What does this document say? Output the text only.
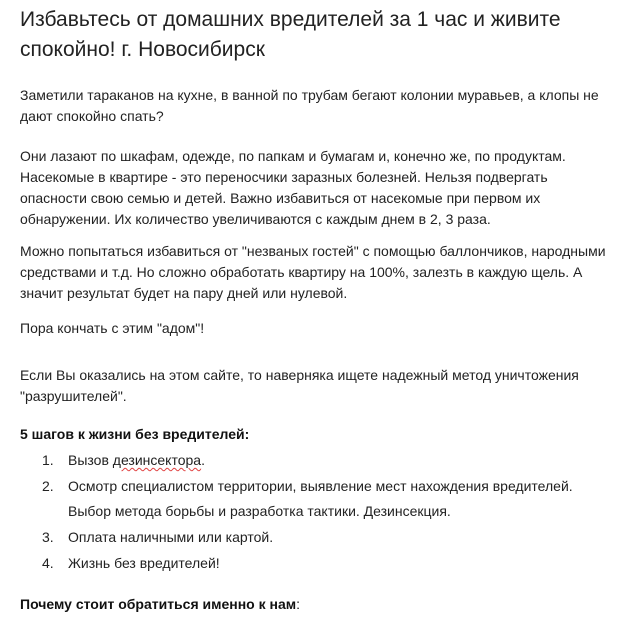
Избавьтесь от домашних вредителей за 1 час и живите спокойно! г. Новосибирск

Заметили тараканов на кухне, в ванной по трубам бегают колонии муравьев, а клопы не дают спокойно спать?

Они лазают по шкафам, одежде, по папкам и бумагам и, конечно же, по продуктам. Насекомые в квартире - это переносчики заразных болезней. Нельзя подвергать опасности свою семью и детей. Важно избавиться от насекомые при первом их обнаружении. Их количество увеличиваются с каждым днем в 2, 3 раза.

Можно попытаться избавиться от "незваных гостей" с помощью баллончиков, народными средствами и т.д. Но сложно обработать квартиру на 100%, залезть в каждую щель. А значит результат будет на пару дней или нулевой.

Пора кончать с этим "адом"!

Если Вы оказались на этом сайте, то наверняка ищете надежный метод уничтожения "разрушителей".

5 шагов к жизни без вредителей:

1. Вызов дезинсектора.
2. Осмотр специалистом территории, выявление мест нахождения вредителей. Выбор метода борьбы и разработка тактики. Дезинсекция.
3. Оплата наличными или картой.
4. Жизнь без вредителей!

Почему стоит обратиться именно к нам:
